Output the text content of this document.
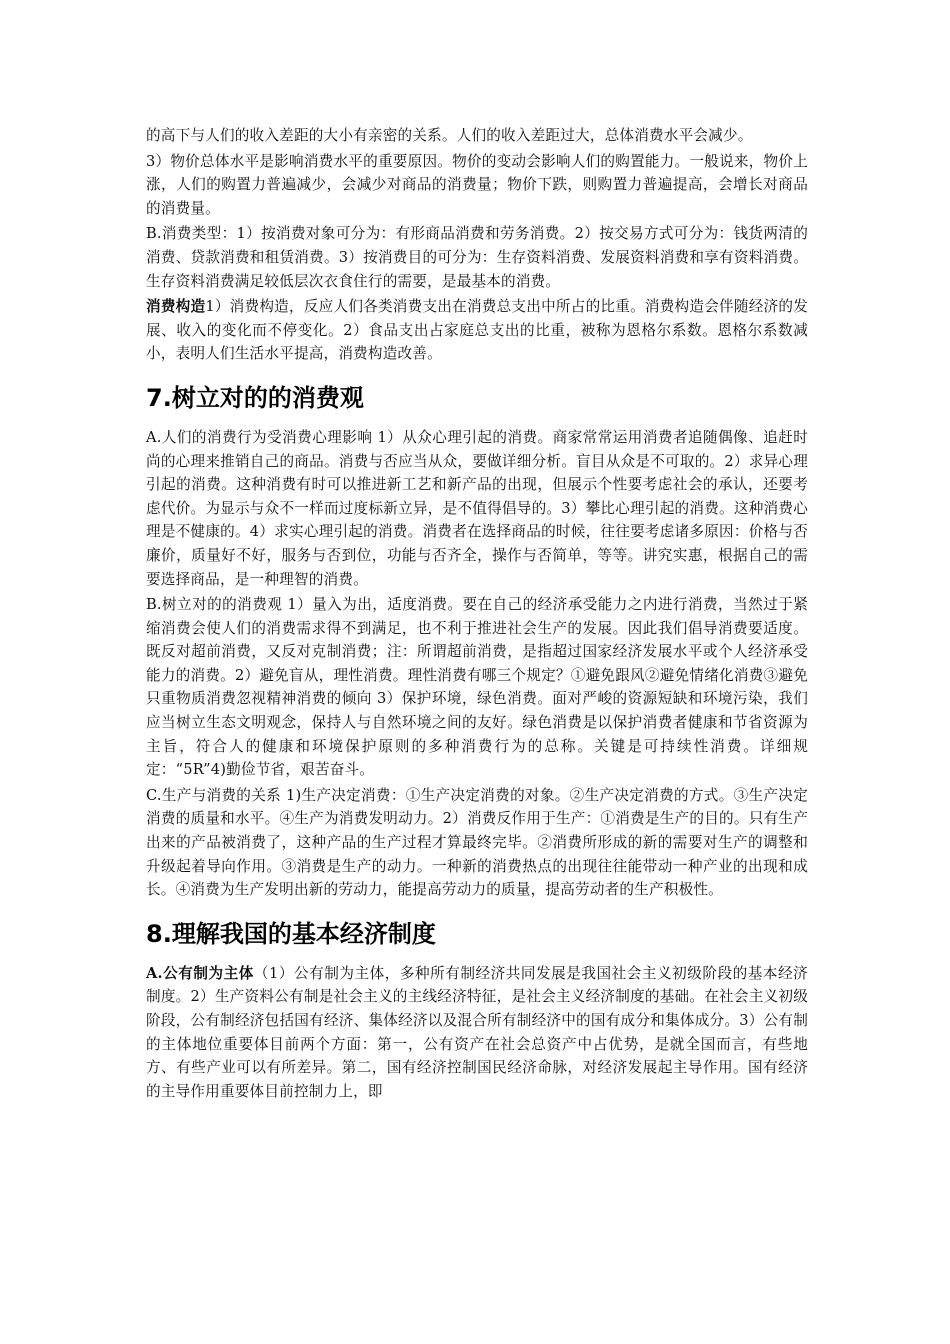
的高下与人们的收入差距的大小有亲密的关系。人们的收入差距过大，总体消费水平会减少。

3）物价总体水平是影响消费水平的重要原因。物价的变动会影响人们的购置能力。一般说来，物价上涨，人们的购置力普遍减少，会减少对商品的消费量；物价下跌，则购置力普遍提高，会增长对商品的消费量。

B.消费类型：1）按消费对象可分为：有形商品消费和劳务消费。2）按交易方式可分为：钱货两清的消费、贷款消费和租赁消费。3）按消费目的可分为：生存资料消费、发展资料消费和享有资料消费。生存资料消费满足较低层次衣食住行的需要，是最基本的消费。

消费构造1）消费构造，反应人们各类消费支出在消费总支出中所占的比重。消费构造会伴随经济的发展、收入的变化而不停变化。2）食品支出占家庭总支出的比重，被称为恩格尔系数。恩格尔系数减小，表明人们生活水平提高，消费构造改善。

7.树立对的的消费观

A.人们的消费行为受消费心理影响 1）从众心理引起的消费。商家常常运用消费者追随偶像、追赶时尚的心理来推销自己的商品。消费与否应当从众，要做详细分析。盲目从众是不可取的。2）求异心理引起的消费。这种消费有时可以推进新工艺和新产品的出现，但展示个性要考虑社会的承认，还要考虑代价。为显示与众不一样而过度标新立异，是不值得倡导的。3）攀比心理引起的消费。这种消费心理是不健康的。4）求实心理引起的消费。消费者在选择商品的时候，往往要考虑诸多原因：价格与否廉价，质量好不好，服务与否到位，功能与否齐全，操作与否简单，等等。讲究实惠，根据自己的需要选择商品，是一种理智的消费。

B.树立对的的消费观 1）量入为出，适度消费。要在自己的经济承受能力之内进行消费，当然过于紧缩消费会使人们的消费需求得不到满足，也不利于推进社会生产的发展。因此我们倡导消费要适度。既反对超前消费，又反对克制消费；注：所谓超前消费，是指超过国家经济发展水平或个人经济承受能力的消费。2）避免盲从，理性消费。理性消费有哪三个规定？①避免跟风②避免情绪化消费③避免只重物质消费忽视精神消费的倾向 3）保护环境，绿色消费。面对严峻的资源短缺和环境污染，我们应当树立生态文明观念，保持人与自然环境之间的友好。绿色消费是以保护消费者健康和节省资源为主旨，符合人的健康和环境保护原则的多种消费行为的总称。关键是可持续性消费。详细规定：“5R”4)勤俭节省，艰苦奋斗。

C.生产与消费的关系 1)生产决定消费：①生产决定消费的对象。②生产决定消费的方式。③生产决定消费的质量和水平。④生产为消费发明动力。2）消费反作用于生产：①消费是生产的目的。只有生产出来的产品被消费了，这种产品的生产过程才算最终完毕。②消费所形成的新的需要对生产的调整和升级起着导向作用。③消费是生产的动力。一种新的消费热点的出现往往能带动一种产业的出现和成长。④消费为生产发明出新的劳动力，能提高劳动力的质量，提高劳动者的生产积极性。

8.理解我国的基本经济制度

A.公有制为主体（1）公有制为主体，多种所有制经济共同发展是我国社会主义初级阶段的基本经济制度。2）生产资料公有制是社会主义的主线经济特征，是社会主义经济制度的基础。在社会主义初级阶段，公有制经济包括国有经济、集体经济以及混合所有制经济中的国有成分和集体成分。3）公有制的主体地位重要体目前两个方面：第一，公有资产在社会总资产中占优势，是就全国而言，有些地方、有些产业可以有所差异。第二，国有经济控制国民经济命脉，对经济发展起主导作用。国有经济的主导作用重要体目前控制力上，即
